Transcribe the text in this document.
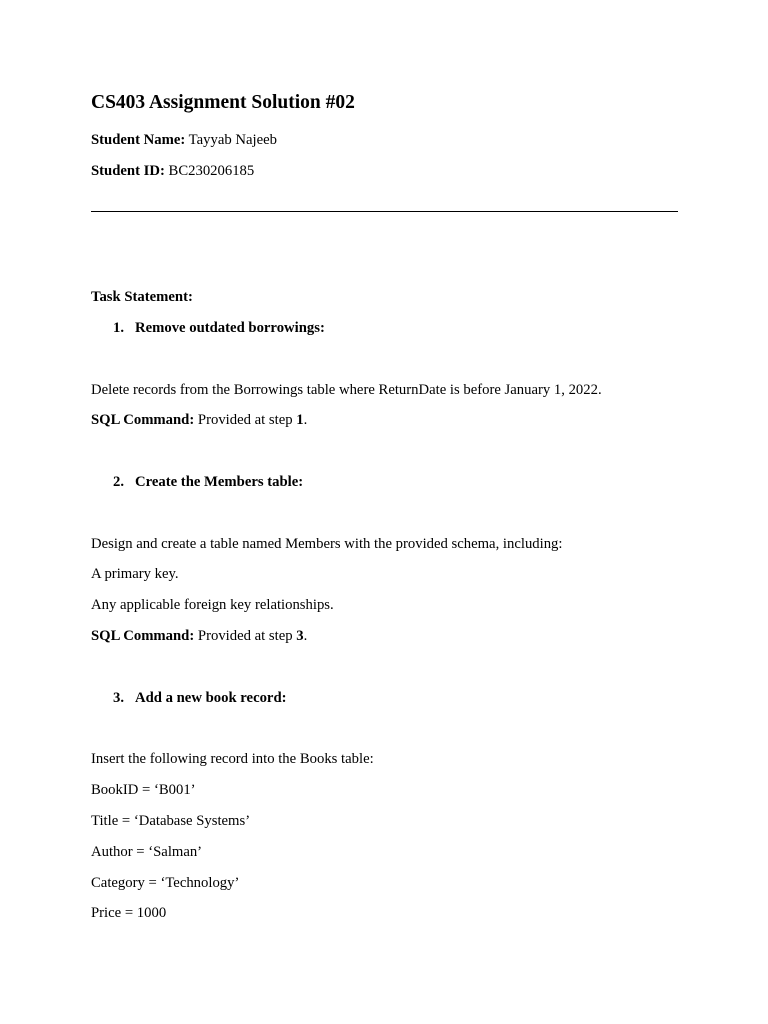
CS403 Assignment Solution #02
Student Name: Tayyab Najeeb
Student ID: BC230206185
Task Statement:
1. Remove outdated borrowings:
Delete records from the Borrowings table where ReturnDate is before January 1, 2022.
SQL Command: Provided at step 1.
2. Create the Members table:
Design and create a table named Members with the provided schema, including:
A primary key.
Any applicable foreign key relationships.
SQL Command: Provided at step 3.
3. Add a new book record:
Insert the following record into the Books table:
BookID = ‘B001’
Title = ‘Database Systems’
Author = ‘Salman’
Category = ‘Technology’
Price = 1000
